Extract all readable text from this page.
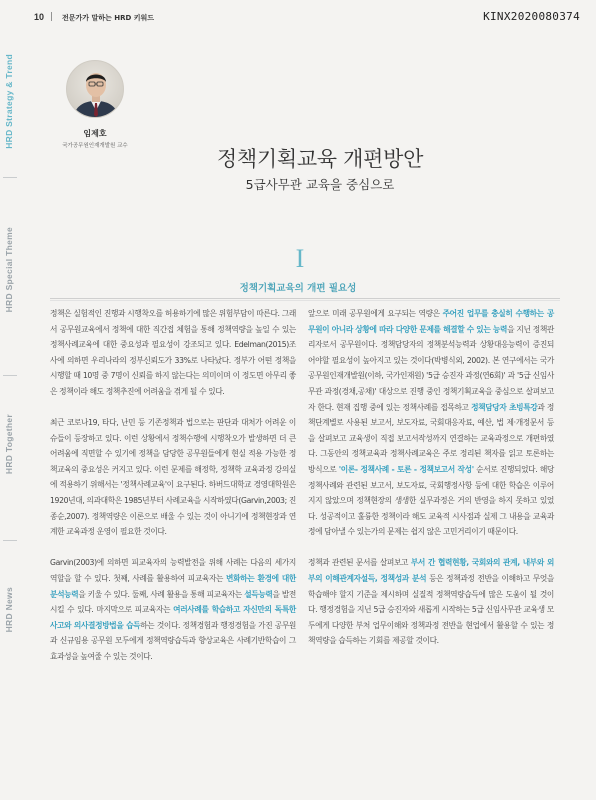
10 | 전문가가 말하는 HRD 키워드	KINX2020080374
HRD Strategy & Trend
HRD Special Theme
HRD Together
HRD News
임제호
국가공무원인재개발원 교수
정책기획교육 개편방안
5급사무관 교육을 중심으로
I
정책기획교육의 개편 필요성

정책은 실험적인 진행과 시행착오를 허용하기에 많은 위험부담이 따른다. 그래서 공무원교육에서 정책에 대한 직간접 체험을 통해 정책역량을 높일 수 있는 정책사례교육에 대한 중요성과 필요성이 강조되고 있다. Edelman(2015)조사에 의하면 우리나라의 정부신뢰도가 33%로 나타났다. 정부가 어떤 정책을 시행할 때 10명 중 7명이 신뢰를 하지 않는다는 의미이며 이 정도면 아무리 좋은 정책이라 해도 정책추진에 어려움을 겪게 될 수 있다.

최근 코로나19, 타다, 난민 등 기존정책과 법으로는 판단과 대처가 어려운 이슈들이 등장하고 있다. 이런 상황에서 정책수행에 시행착오가 발생하면 더 큰 어려움에 직면할 수 있기에 정책을 담당한 공무원들에게 현실 적용 가능한 정책교육의 중요성은 커지고 있다. 이런 문제를 해정학, 정책학 교육과정 강의실에 적용하기 위해서는 '정책사례교육'이 요구된다. 하버드대학교 경영대학원은 1920년대, 의과대학은 1985년부터 사례교육을 시작하였다(Garvin,2003; 진종순,2007). 정책역량은 이론으로 배울 수 있는 것이 아니기에 정책현장과 연계한 교육과정 운영이 필요한 것이다.

Garvin(2003)에 의하면 피교육자의 능력발전을 위해 사례는 다음의 세가지 역할을 할 수 있다. 첫째, 사례를 활용하여 피교육자는 변화하는 환경에 대한 분석능력을 키울 수 있다. 둘째, 사례 활용을 통해 피교육자는 설득능력을 발전시킬 수 있다. 마지막으로 피교육자는 여러사례를 학습하고 자신만의 독특한 사고와 의사결정방법을 습득하는 것이다. 정책경험과 행정경험을 가진 공무원과 신규임용 공무원 모두에게 정책역량습득과 향상교육은 사례기반학습이 그 효과성을 높여줄 수 있는 것이다.

앞으로 미래 공무원에게 요구되는 역량은 주어진 업무를 충실히 수행하는 공무원이 아니라 상황에 따라 다양한 문제를 해결할 수 있는 능력을 지닌 정책관리자로서 공무원이다. 정책담당자의 정책분석능력과 상황대응능력이 증진되어야할 필요성이 높아지고 있는 것이다(박병식외, 2002). 본 연구에서는 국가공무원인재개발원(이하, 국가인재원) '5급 승진자 과정(연6회)' 과 '5급 신임사무관 과정(경채,공채)' 대상으로 진행 중인 정책기획교육을 중심으로 살펴보고자 한다. 현재 집행 중에 있는 정책사례를 접목하고 정책담당자 초빙특강과 정책단계별로 사용된 보고서, 보도자료, 국회대응자료, 예산, 법 제·개정문서 등을 살펴보고 교육생이 직접 보고서작성까지 연결하는 교육과정으로 개편하였다. 그동안의 정책교육과 정책사례교육은 주로 정리된 책자를 읽고 토론하는 방식으로 '이론- 정책사례 - 토론 - 정책보고서 작성' 순서로 진행되었다. 해당 정책사례와 관련된 보고서, 보도자료, 국회행정사항 등에 대한 학습은 이루어지지 않았으며 정책현장의 생생한 실무과정은 거의 반영을 하지 못하고 있었다. 성공적이고 훌륭한 정책이라 해도 교육적 시사점과 실제 그 내용을 교육과정에 담아낼 수 있는가의 문제는 쉽지 않은 고민거리이기 때문이다.

정책과 관련된 문서를 살펴보고 부서 간 협력현황, 국회와의 관계, 내부와 외부의 이해관계자설득, 정책성과 분석 등은 정책과정 전반을 이해하고 무엇을 학습해야 할지 기준을 제시하며 실질적 정책역량습득에 많은 도움이 될 것이다. 행정경험을 지닌 5급 승진자와 새롭게 시작하는 5급 신임사무관 교육생 모두에게 다양한 부처 업무이해와 정책과정 전반을 현업에서 활용할 수 있는 정책역량을 습득하는 기회를 제공할 것이다.
